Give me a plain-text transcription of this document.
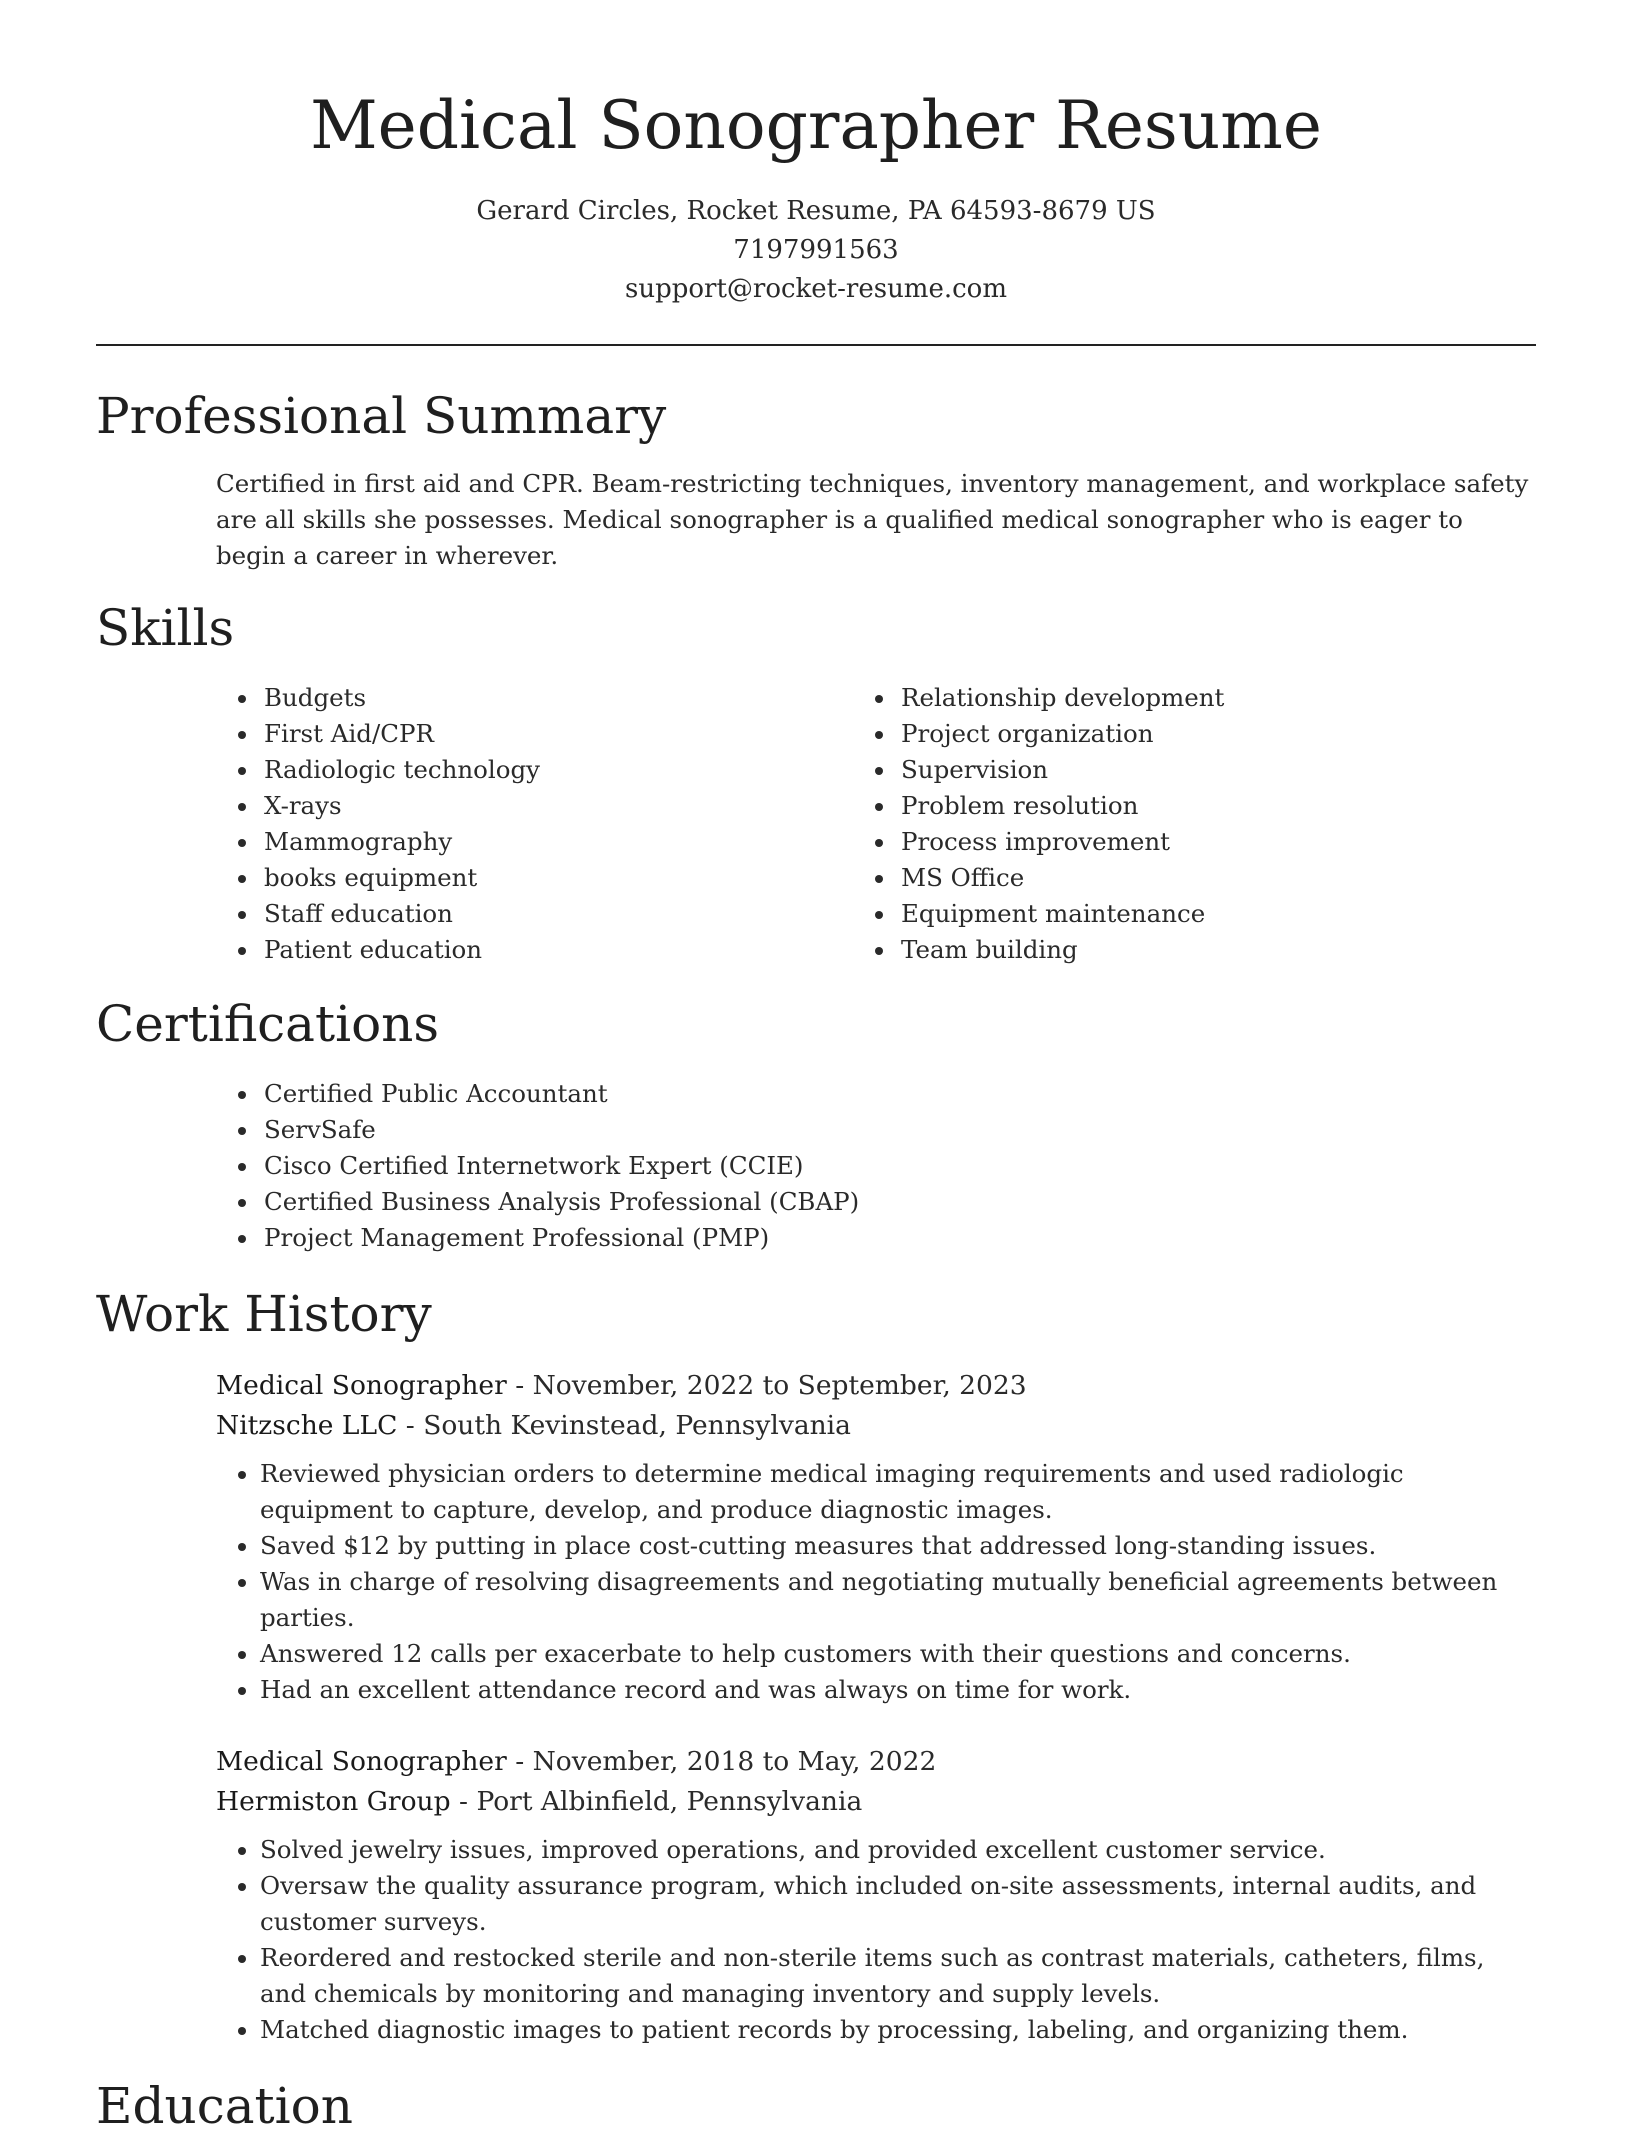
Medical Sonographer Resume
Gerard Circles, Rocket Resume, PA 64593-8679 US
7197991563
support@rocket-resume.com
Professional Summary

Certified in first aid and CPR. Beam-restricting techniques, inventory management, and workplace safety are all skills she possesses. Medical sonographer is a qualified medical sonographer who is eager to begin a career in wherever.

Skills
• Budgets
• First Aid/CPR
• Radiologic technology
• X-rays
• Mammography
• books equipment
• Staff education
• Patient education
• Relationship development
• Project organization
• Supervision
• Problem resolution
• Process improvement
• MS Office
• Equipment maintenance
• Team building
Certifications
• Certified Public Accountant
• ServSafe
• Cisco Certified Internetwork Expert (CCIE)
• Certified Business Analysis Professional (CBAP)
• Project Management Professional (PMP)
Work History
Medical Sonographer - November, 2022 to September, 2023
Nitzsche LLC - South Kevinstead, Pennsylvania
• Reviewed physician orders to determine medical imaging requirements and used radiologic equipment to capture, develop, and produce diagnostic images.
• Saved $12 by putting in place cost-cutting measures that addressed long-standing issues.
• Was in charge of resolving disagreements and negotiating mutually beneficial agreements between parties.
• Answered 12 calls per exacerbate to help customers with their questions and concerns.
• Had an excellent attendance record and was always on time for work.
Medical Sonographer - November, 2018 to May, 2022
Hermiston Group - Port Albinfield, Pennsylvania
• Solved jewelry issues, improved operations, and provided excellent customer service.
• Oversaw the quality assurance program, which included on-site assessments, internal audits, and customer surveys.
• Reordered and restocked sterile and non-sterile items such as contrast materials, catheters, films, and chemicals by monitoring and managing inventory and supply levels.
• Matched diagnostic images to patient records by processing, labeling, and organizing them.
Education
